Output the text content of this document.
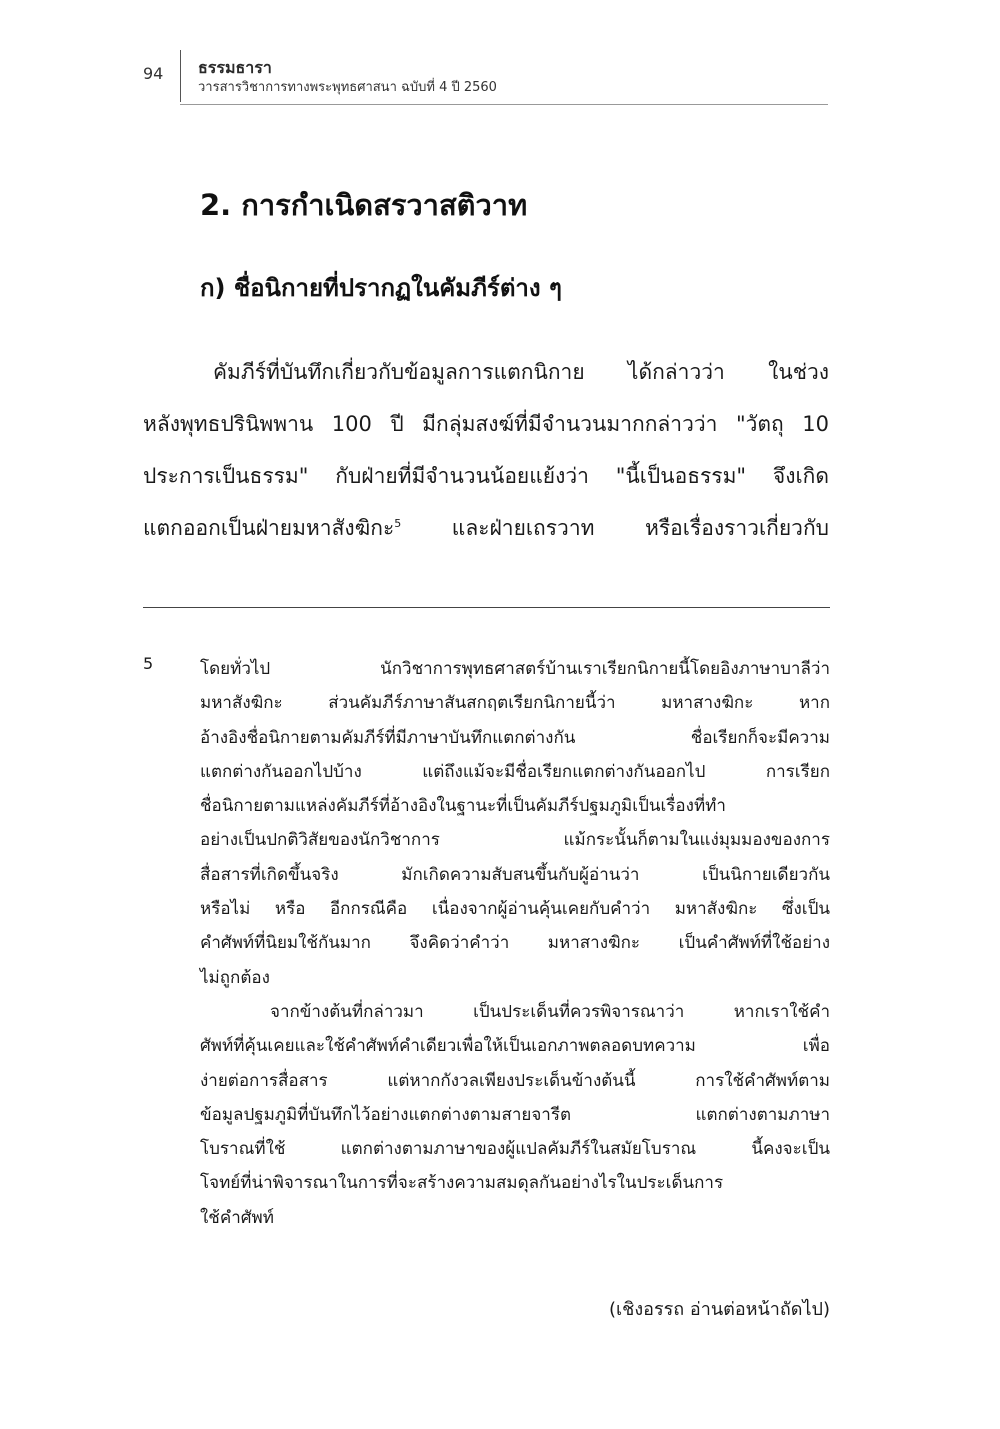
94 ธรรมธารา
วารสารวิชาการทางพระพุทธศาสนา ฉบับที่ 4 ปี 2560
2. การกำเนิดสรวาสติวาท
ก) ชื่อนิกายที่ปรากฏในคัมภีร์ต่าง ๆ
คัมภีร์ที่บันทึกเกี่ยวกับข้อมูลการแตกนิกาย ได้กล่าวว่า ในช่วง
หลังพุทธปรินิพพาน 100 ปี มีกลุ่มสงฆ์ที่มีจำนวนมากกล่าวว่า "วัตถุ 10
ประการเป็นธรรม" กับฝ่ายที่มีจำนวนน้อยแย้งว่า "นี้เป็นอธรรม" จึงเกิด
แตกออกเป็นฝ่ายมหาสังฆิกะ$^5$ และฝ่ายเถรวาท หรือเรื่องราวเกี่ยวกับ
5	โดยทั่วไป นักวิชาการพุทธศาสตร์บ้านเราเรียกนิกายนี้โดยอิงภาษาบาลีว่า
มหาสังฆิกะ ส่วนคัมภีร์ภาษาสันสกฤตเรียกนิกายนี้ว่า มหาสางฆิกะ หาก
อ้างอิงชื่อนิกายตามคัมภีร์ที่มีภาษาบันทึกแตกต่างกัน ชื่อเรียกก็จะมีความ
แตกต่างกันออกไปบ้าง แต่ถึงแม้จะมีชื่อเรียกแตกต่างกันออกไป การเรียก
ชื่อนิกายตามแหล่งคัมภีร์ที่อ้างอิงในฐานะที่เป็นคัมภีร์ปฐมภูมิเป็นเรื่องที่ทำ
อย่างเป็นปกติวิสัยของนักวิชาการ แม้กระนั้นก็ตามในแง่มุมมองของการ
สื่อสารที่เกิดขึ้นจริง มักเกิดความสับสนขึ้นกับผู้อ่านว่า เป็นนิกายเดียวกัน
หรือไม่ หรือ อีกกรณีคือ เนื่องจากผู้อ่านคุ้นเคยกับคำว่า มหาสังฆิกะ ซึ่งเป็น
คำศัพท์ที่นิยมใช้กันมาก จึงคิดว่าคำว่า มหาสางฆิกะ เป็นคำศัพท์ที่ใช้อย่าง
ไม่ถูกต้อง
จากข้างต้นที่กล่าวมา เป็นประเด็นที่ควรพิจารณาว่า หากเราใช้คำ
ศัพท์ที่คุ้นเคยและใช้คำศัพท์คำเดียวเพื่อให้เป็นเอกภาพตลอดบทความ เพื่อ
ง่ายต่อการสื่อสาร แต่หากกังวลเพียงประเด็นข้างต้นนี้ การใช้คำศัพท์ตาม
ข้อมูลปฐมภูมิที่บันทึกไว้อย่างแตกต่างตามสายจารีต แตกต่างตามภาษา
โบราณที่ใช้ แตกต่างตามภาษาของผู้แปลคัมภีร์ในสมัยโบราณ นี้คงจะเป็น
โจทย์ที่น่าพิจารณาในการที่จะสร้างความสมดุลกันอย่างไรในประเด็นการ
ใช้คำศัพท์
(เชิงอรรถ อ่านต่อหน้าถัดไป)
